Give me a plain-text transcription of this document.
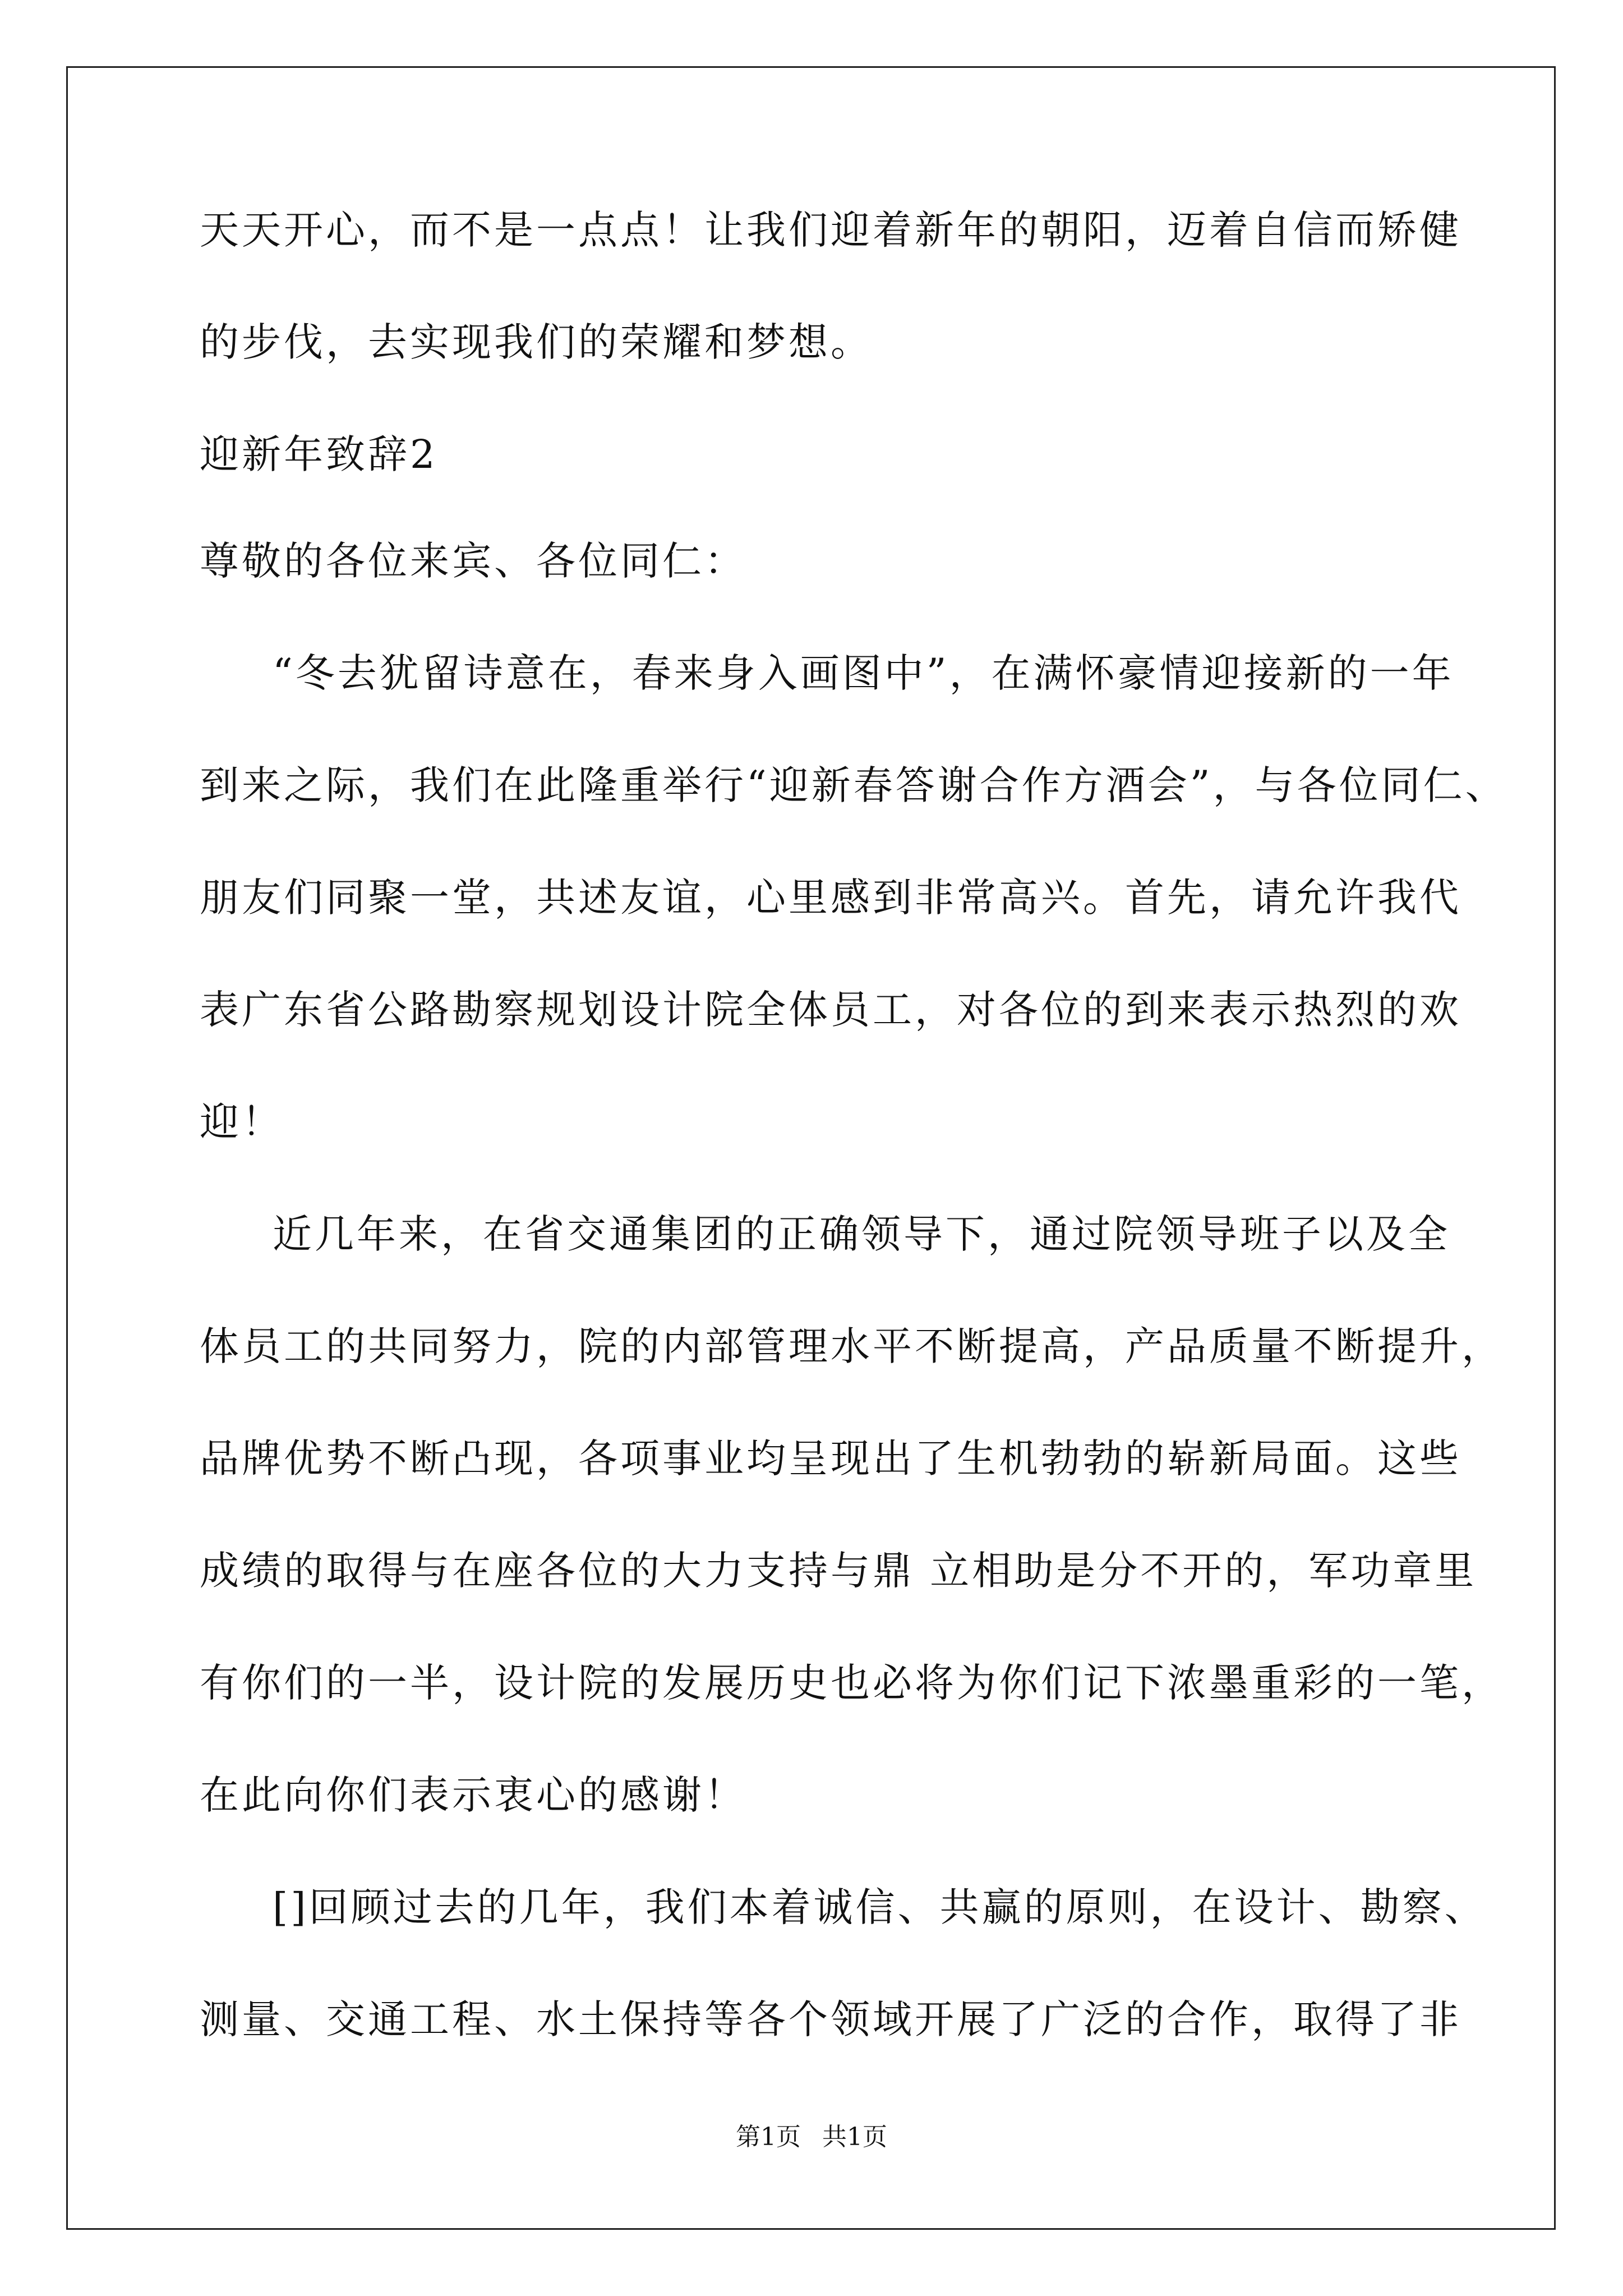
天天开心，而不是一点点！让我们迎着新年的朝阳，迈着自信而矫健
的步伐，去实现我们的荣耀和梦想。
迎新年致辞2
尊敬的各位来宾、各位同仁：
“冬去犹留诗意在，春来身入画图中”，在满怀豪情迎接新的一年
到来之际，我们在此隆重举行“迎新春答谢合作方酒会”，与各位同仁、
朋友们同聚一堂，共述友谊，心里感到非常高兴。首先，请允许我代
表广东省公路勘察规划设计院全体员工，对各位的到来表示热烈的欢
迎！
近几年来，在省交通集团的正确领导下，通过院领导班子以及全
体员工的共同努力，院的内部管理水平不断提高，产品质量不断提升，
品牌优势不断凸现，各项事业均呈现出了生机勃勃的崭新局面。这些
成绩的取得与在座各位的大力支持与鼎 立相助是分不开的，军功章里
有你们的一半，设计院的发展历史也必将为你们记下浓墨重彩的一笔，
在此向你们表示衷心的感谢！
[]回顾过去的几年，我们本着诚信、共赢的原则，在设计、勘察、
测量、交通工程、水土保持等各个领域开展了广泛的合作，取得了非
第1页 共1页
